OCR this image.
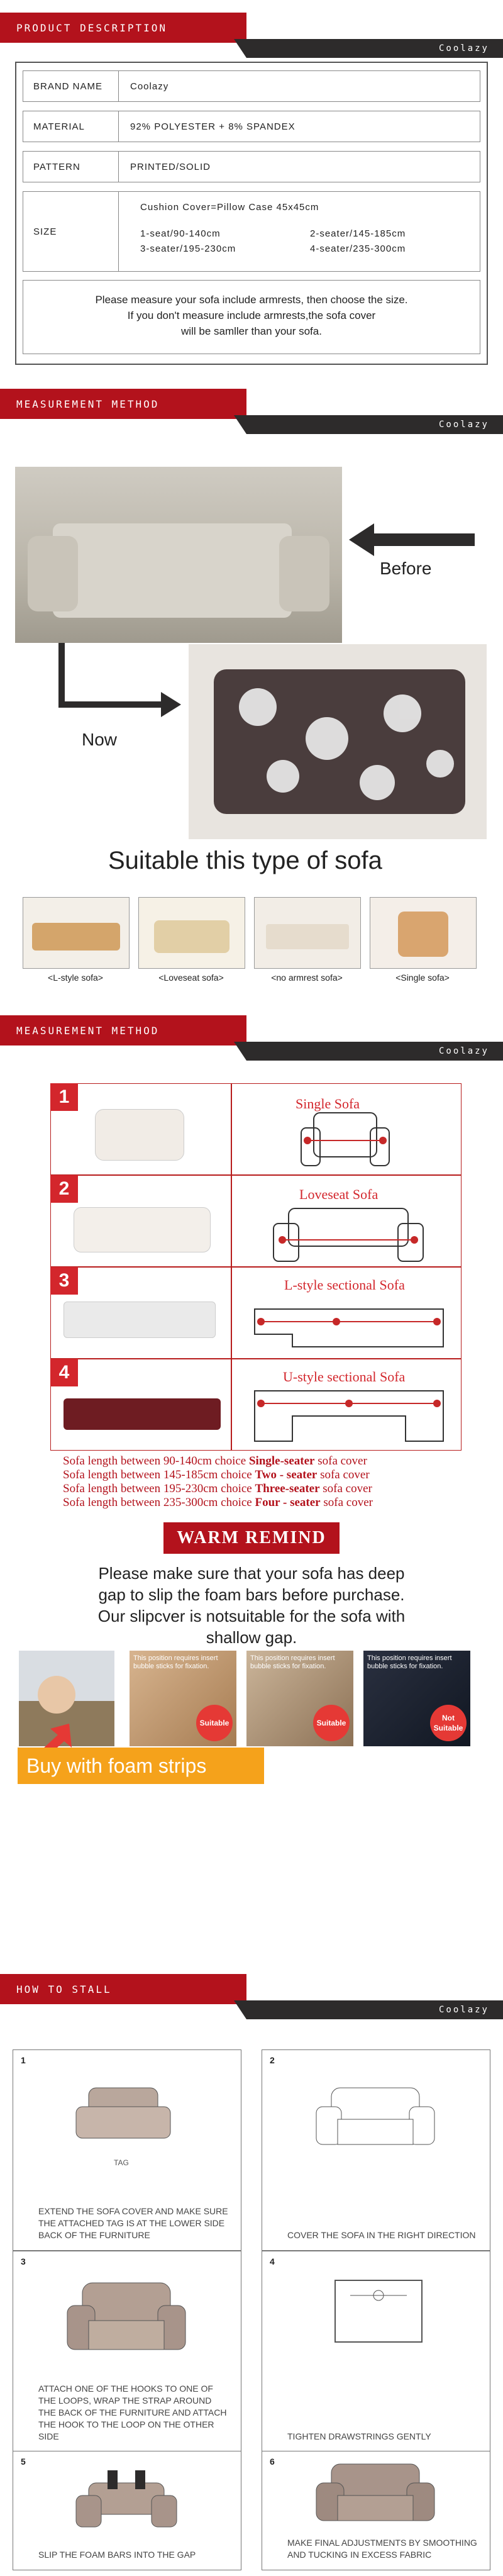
PRODUCT DESCRIPTION
Coolazy
BRAND NAME	Coolazy
MATERIAL	92% POLYESTER + 8% SPANDEX
PATTERN	PRINTED/SOLID
SIZE
Cushion Cover=Pillow Case 45x45cm
1-seat/90-140cm	2-seater/145-185cm
3-seater/195-230cm	4-seater/235-300cm
Please measure your sofa include armrests, then choose the size.
If you don't measure include armrests,the sofa cover
will be samller than your sofa.
MEASUREMENT METHOD
Coolazy
Before
Now
Suitable this type of sofa
<L-style sofa>	<Loveseat sofa>	<no armrest sofa>	<Single sofa>
MEASUREMENT METHOD
Coolazy
1	Single Sofa
2	Loveseat Sofa
3	L-style sectional Sofa
4	U-style sectional Sofa
Sofa length between 90-140cm choice Single-seater sofa cover
Sofa length between 145-185cm choice Two - seater sofa cover
Sofa length between 195-230cm choice Three-seater sofa cover
Sofa length between 235-300cm choice Four - seater sofa cover
WARM REMIND
Please make sure that your sofa has deep
gap to slip the foam bars before purchase.
Our slipcver is notsuitable for the sofa with
shallow gap.
This position requires insert bubble sticks for fixation.
Suitable
This position requires insert bubble sticks for fixation.
Suitable
This position requires insert bubble sticks for fixation.
Not Suitable
Buy with foam strips
HOW TO STALL
Coolazy
1
TAG
EXTEND THE SOFA COVER AND MAKE SURE THE ATTACHED TAG IS AT THE LOWER SIDE BACK OF THE FURNITURE
2
COVER THE SOFA IN THE RIGHT DIRECTION
3
ATTACH ONE OF THE HOOKS TO ONE OF THE LOOPS, WRAP THE STRAP AROUND THE BACK OF THE FURNITURE AND ATTACH THE HOOK TO THE LOOP ON THE OTHER SIDE
4
TIGHTEN DRAWSTRINGS GENTLY
5
SLIP THE FOAM BARS INTO THE GAP
6
MAKE FINAL ADJUSTMENTS BY SMOOTHING AND TUCKING IN EXCESS FABRIC
